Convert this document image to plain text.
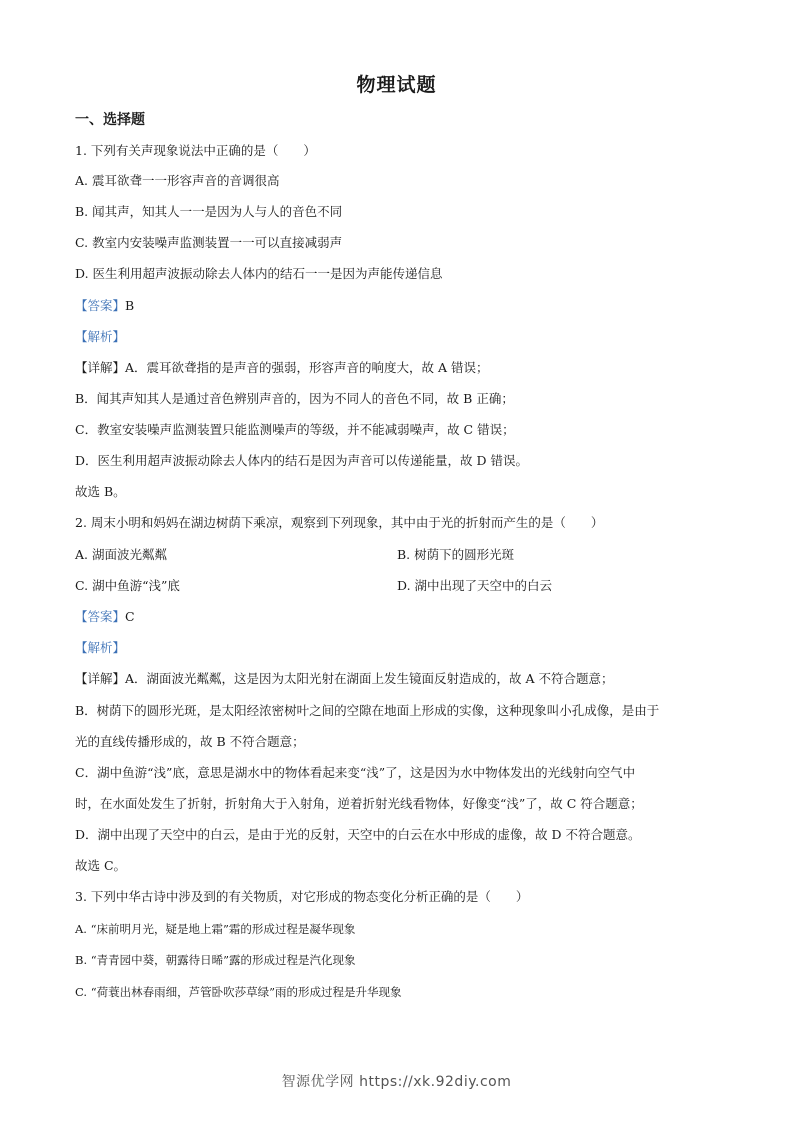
物理试题
一、选择题
1. 下列有关声现象说法中正确的是（　　）
A. 震耳欲聋一一形容声音的音调很高
B. 闻其声，知其人一一是因为人与人的音色不同
C. 教室内安装噪声监测装置一一可以直接减弱声
D. 医生利用超声波振动除去人体内的结石一一是因为声能传递信息
【答案】B
【解析】
【详解】A．震耳欲聋指的是声音的强弱，形容声音的响度大，故 A 错误；
B．闻其声知其人是通过音色辨别声音的，因为不同人的音色不同，故 B 正确；
C．教室安装噪声监测装置只能监测噪声的等级，并不能减弱噪声，故 C 错误；
D．医生利用超声波振动除去人体内的结石是因为声音可以传递能量，故 D 错误。
故选 B。
2. 周末小明和妈妈在湖边树荫下乘凉，观察到下列现象，其中由于光的折射而产生的是（　　）
A. 湖面波光粼粼	B. 树荫下的圆形光斑
C. 湖中鱼游“浅”底	D. 湖中出现了天空中的白云
【答案】C
【解析】
【详解】A．湖面波光粼粼，这是因为太阳光射在湖面上发生镜面反射造成的，故 A 不符合题意；
B．树荫下的圆形光斑，是太阳经浓密树叶之间的空隙在地面上形成的实像，这种现象叫小孔成像，是由于
光的直线传播形成的，故 B 不符合题意；
C．湖中鱼游“浅”底，意思是湖水中的物体看起来变“浅”了，这是因为水中物体发出的光线射向空气中
时，在水面处发生了折射，折射角大于入射角，逆着折射光线看物体，好像变“浅”了，故 C 符合题意；
D．湖中出现了天空中的白云，是由于光的反射，天空中的白云在水中形成的虚像，故 D 不符合题意。
故选 C。
3. 下列中华古诗中涉及到的有关物质，对它形成的物态变化分析正确的是（　　）
A. “床前明月光，疑是地上霜”霜的形成过程是凝华现象
B. “青青园中葵，朝露待日晞”露的形成过程是汽化现象
C. “荷蓑出林春雨细，芦管卧吹莎草绿”雨的形成过程是升华现象
智源优学网 https://xk.92diy.com
